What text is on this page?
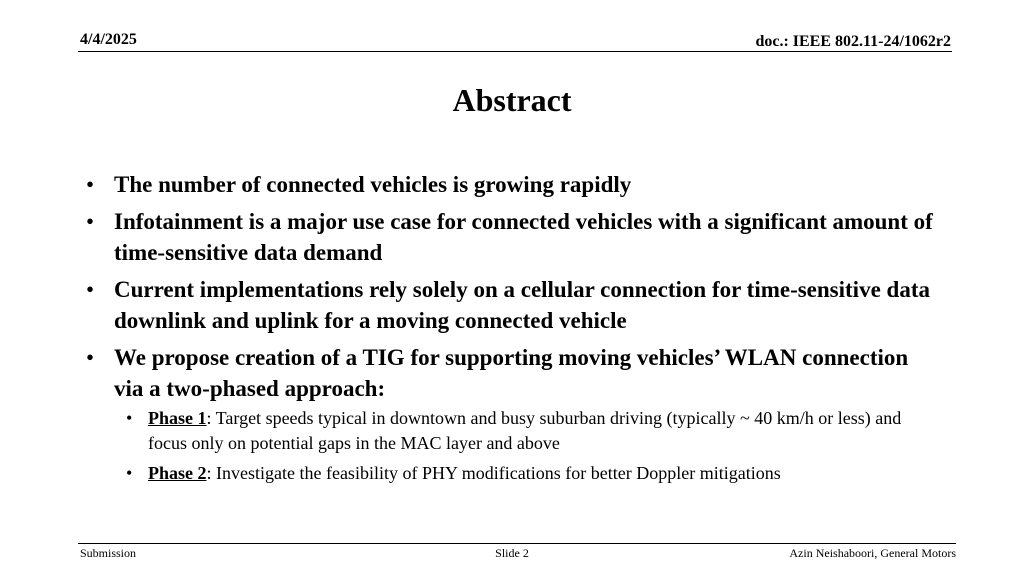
4/4/2025	doc.: IEEE 802.11-24/1062r2
Abstract
• The number of connected vehicles is growing rapidly
• Infotainment is a major use case for connected vehicles with a significant amount of time-sensitive data demand
• Current implementations rely solely on a cellular connection for time-sensitive data downlink and uplink for a moving connected vehicle
• We propose creation of a TIG for supporting moving vehicles’ WLAN connection via a two-phased approach:
• Phase 1: Target speeds typical in downtown and busy suburban driving (typically ~ 40 km/h or less) and focus only on potential gaps in the MAC layer and above
• Phase 2: Investigate the feasibility of PHY modifications for better Doppler mitigations
Submission	Slide 2	Azin Neishaboori, General Motors
